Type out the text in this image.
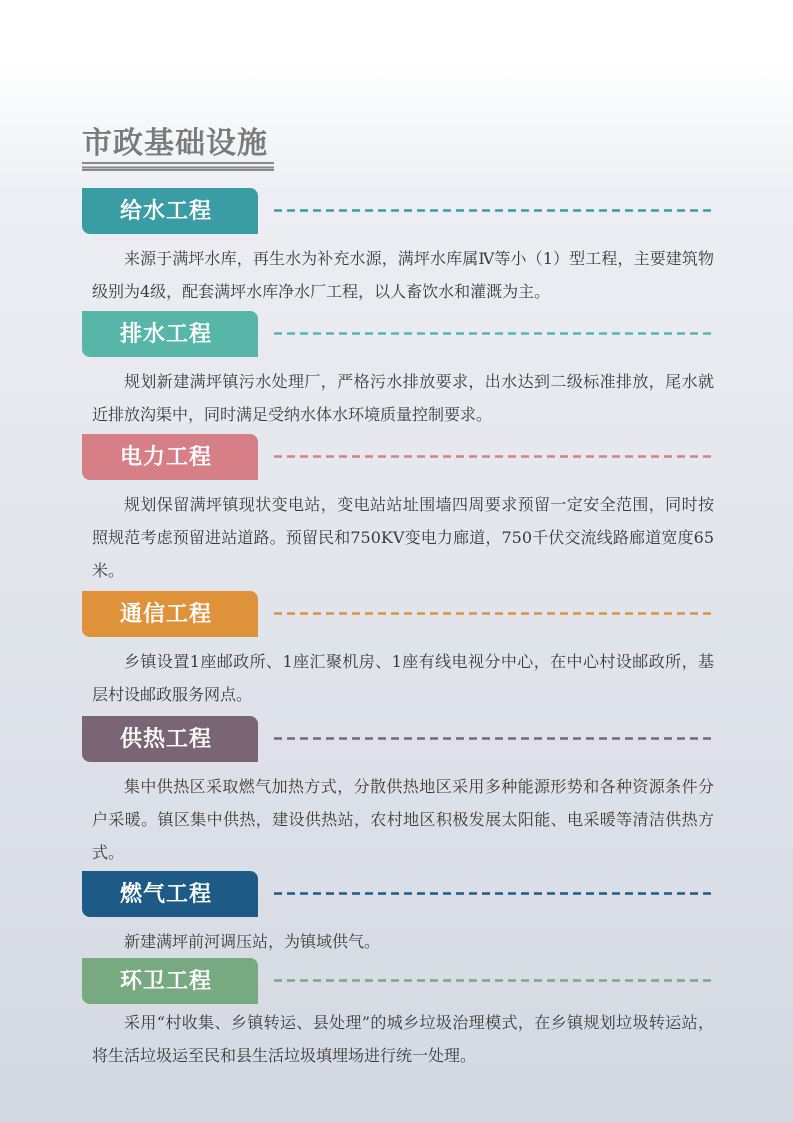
市政基础设施
给水工程

来源于满坪水库，再生水为补充水源，满坪水库属Ⅳ等小（1）型工程，主要建筑物级别为4级，配套满坪水库净水厂工程，以人畜饮水和灌溉为主。

排水工程

规划新建满坪镇污水处理厂，严格污水排放要求，出水达到二级标准排放，尾水就近排放沟渠中，同时满足受纳水体水环境质量控制要求。

电力工程

规划保留满坪镇现状变电站，变电站站址围墙四周要求预留一定安全范围，同时按照规范考虑预留进站道路。预留民和750KV变电力廊道，750千伏交流线路廊道宽度65米。

通信工程

乡镇设置1座邮政所、1座汇聚机房、1座有线电视分中心，在中心村设邮政所，基层村设邮政服务网点。

供热工程

集中供热区采取燃气加热方式，分散供热地区采用多种能源形势和各种资源条件分户采暖。镇区集中供热，建设供热站，农村地区积极发展太阳能、电采暖等清洁供热方式。

燃气工程

新建满坪前河调压站，为镇域供气。

环卫工程

采用“村收集、乡镇转运、县处理”的城乡垃圾治理模式，在乡镇规划垃圾转运站，将生活垃圾运至民和县生活垃圾填埋场进行统一处理。
